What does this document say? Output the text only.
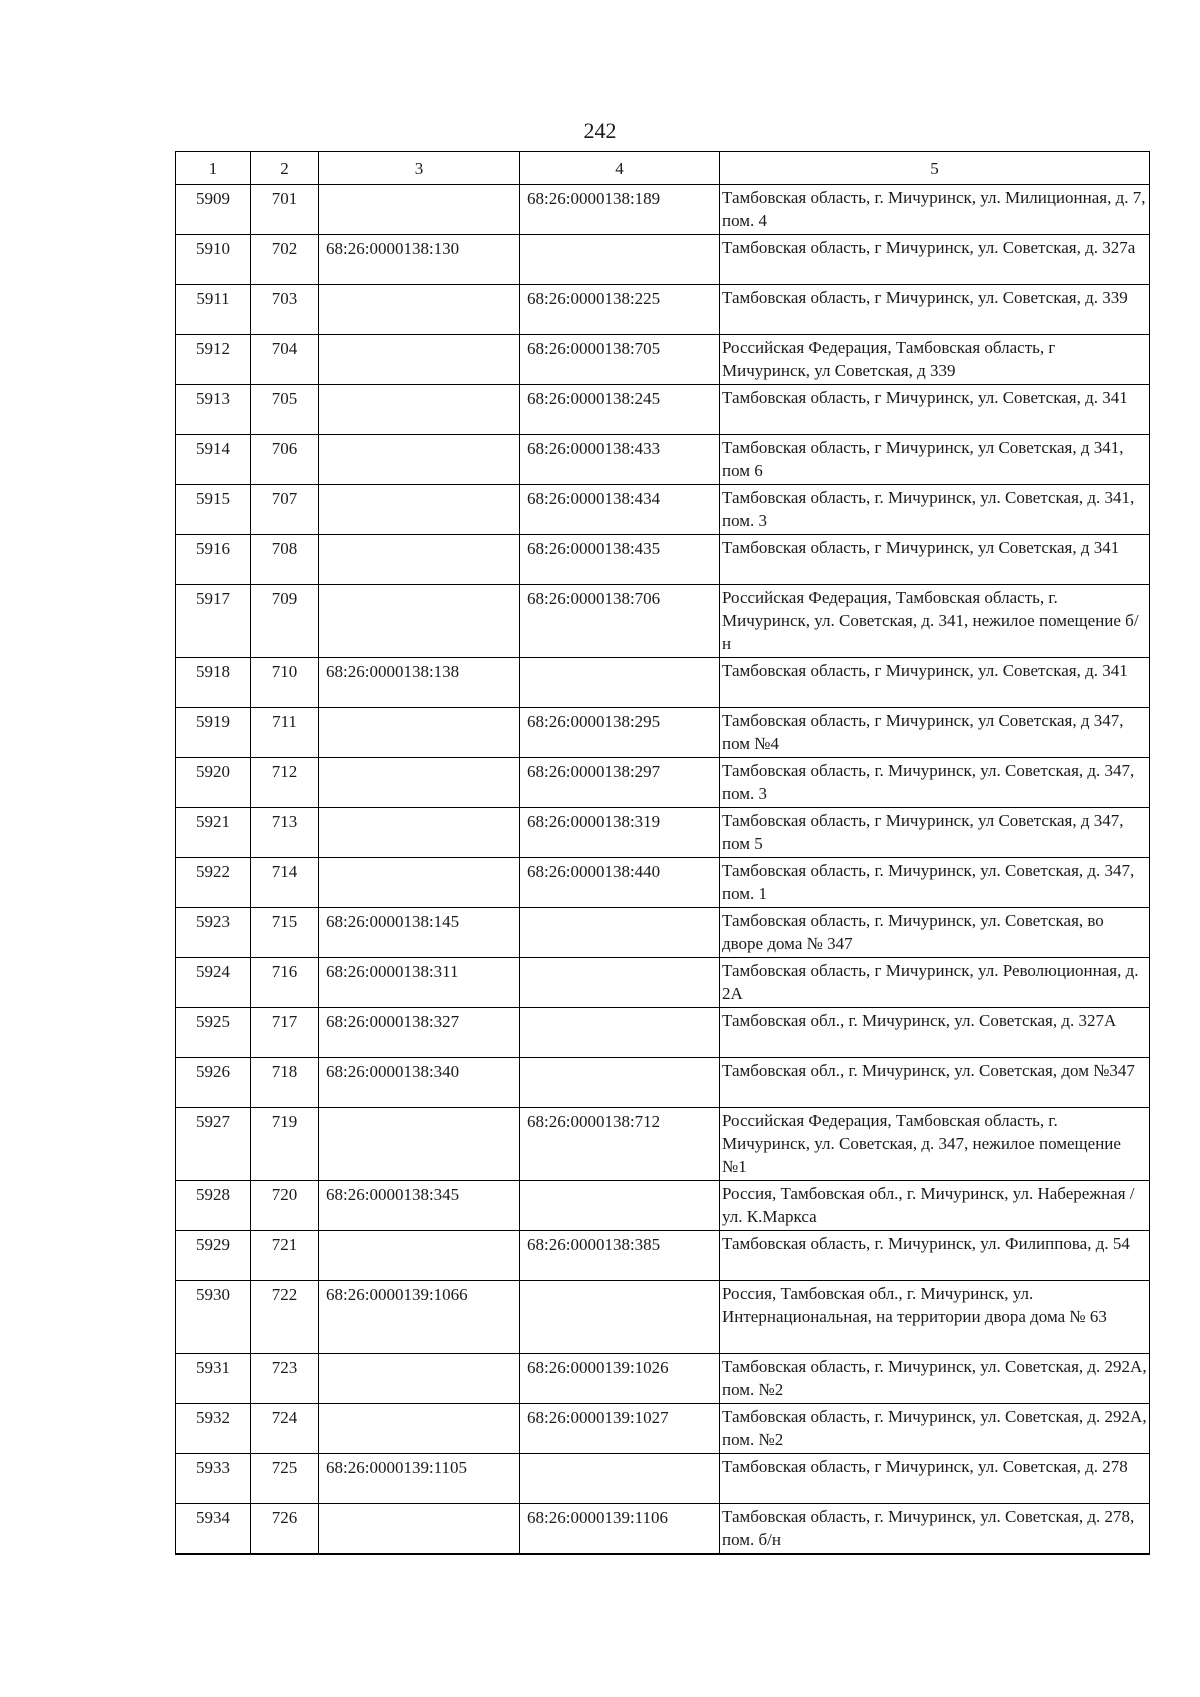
242
1	2	3	4	5
5909	701		68:26:0000138:189	Тамбовская область, г. Мичуринск, ул. Милиционная, д. 7, пом. 4
5910	702	68:26:0000138:130		Тамбовская область, г Мичуринск, ул. Советская, д. 327а
5911	703		68:26:0000138:225	Тамбовская область, г Мичуринск, ул. Советская, д. 339
5912	704		68:26:0000138:705	Российская Федерация, Тамбовская область, г Мичуринск, ул Советская, д 339
5913	705		68:26:0000138:245	Тамбовская область, г Мичуринск, ул. Советская, д. 341
5914	706		68:26:0000138:433	Тамбовская область, г Мичуринск, ул Советская, д 341, пом 6
5915	707		68:26:0000138:434	Тамбовская область, г. Мичуринск, ул. Советская, д. 341, пом. 3
5916	708		68:26:0000138:435	Тамбовская область, г Мичуринск, ул Советская, д 341
5917	709		68:26:0000138:706	Российская Федерация, Тамбовская область, г. Мичуринск, ул. Советская, д. 341, нежилое помещение б/н
5918	710	68:26:0000138:138		Тамбовская область, г Мичуринск, ул. Советская, д. 341
5919	711		68:26:0000138:295	Тамбовская область, г Мичуринск, ул Советская, д 347, пом №4
5920	712		68:26:0000138:297	Тамбовская область, г. Мичуринск, ул. Советская, д. 347, пом. 3
5921	713		68:26:0000138:319	Тамбовская область, г Мичуринск, ул Советская, д 347, пом 5
5922	714		68:26:0000138:440	Тамбовская область, г. Мичуринск, ул. Советская, д. 347, пом. 1
5923	715	68:26:0000138:145		Тамбовская область, г. Мичуринск, ул. Советская, во дворе дома № 347
5924	716	68:26:0000138:311		Тамбовская область, г Мичуринск, ул. Революционная, д. 2А
5925	717	68:26:0000138:327		Тамбовская обл., г. Мичуринск, ул. Советская, д. 327А
5926	718	68:26:0000138:340		Тамбовская обл., г. Мичуринск, ул. Советская, дом №347
5927	719		68:26:0000138:712	Российская Федерация, Тамбовская область, г. Мичуринск, ул. Советская, д. 347, нежилое помещение №1
5928	720	68:26:0000138:345		Россия, Тамбовская обл., г. Мичуринск, ул. Набережная / ул. К.Маркса
5929	721		68:26:0000138:385	Тамбовская область, г. Мичуринск, ул. Филиппова, д. 54
5930	722	68:26:0000139:1066		Россия, Тамбовская обл., г. Мичуринск, ул. Интернациональная, на территории двора дома № 63
5931	723		68:26:0000139:1026	Тамбовская область, г. Мичуринск, ул. Советская, д. 292А, пом. №2
5932	724		68:26:0000139:1027	Тамбовская область, г. Мичуринск, ул. Советская, д. 292А, пом. №2
5933	725	68:26:0000139:1105		Тамбовская область, г Мичуринск, ул. Советская, д. 278
5934	726		68:26:0000139:1106	Тамбовская область, г. Мичуринск, ул. Советская, д. 278, пом. б/н
